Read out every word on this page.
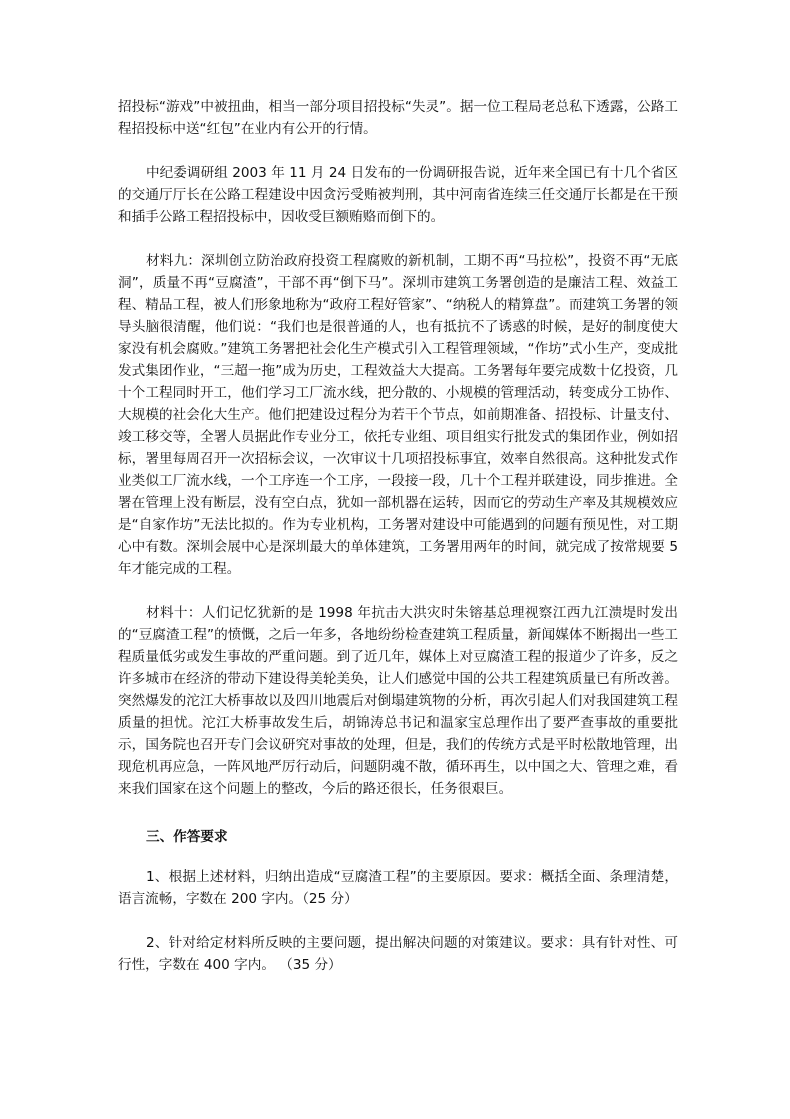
招投标“游戏”中被扭曲，相当一部分项目招投标“失灵”。据一位工程局老总私下透露，公路工程招投标中送“红包”在业内有公开的行情。

中纪委调研组 2003 年 11 月 24 日发布的一份调研报告说，近年来全国已有十几个省区的交通厅厅长在公路工程建设中因贪污受贿被判刑，其中河南省连续三任交通厅长都是在干预和插手公路工程招投标中，因收受巨额贿赂而倒下的。

材料九：深圳创立防治政府投资工程腐败的新机制，工期不再“马拉松”，投资不再“无底洞”，质量不再“豆腐渣”，干部不再“倒下马”。深圳市建筑工务署创造的是廉洁工程、效益工程、精品工程，被人们形象地称为“政府工程好管家”、“纳税人的精算盘”。而建筑工务署的领导头脑很清醒，他们说：“我们也是很普通的人，也有抵抗不了诱惑的时候，是好的制度使大家没有机会腐败。”建筑工务署把社会化生产模式引入工程管理领域，“作坊”式小生产，变成批发式集团作业，“三超一拖”成为历史，工程效益大大提高。工务署每年要完成数十亿投资，几十个工程同时开工，他们学习工厂流水线，把分散的、小规模的管理活动，转变成分工协作、大规模的社会化大生产。他们把建设过程分为若干个节点，如前期准备、招投标、计量支付、竣工移交等，全署人员据此作专业分工，依托专业组、项目组实行批发式的集团作业，例如招标，署里每周召开一次招标会议，一次审议十几项招投标事宜，效率自然很高。这种批发式作业类似工厂流水线，一个工序连一个工序，一段接一段，几十个工程并联建设，同步推进。全署在管理上没有断层，没有空白点，犹如一部机器在运转，因而它的劳动生产率及其规模效应是“自家作坊”无法比拟的。作为专业机构，工务署对建设中可能遇到的问题有预见性，对工期心中有数。深圳会展中心是深圳最大的单体建筑，工务署用两年的时间，就完成了按常规要 5 年才能完成的工程。

材料十：人们记忆犹新的是 1998 年抗击大洪灾时朱镕基总理视察江西九江溃堤时发出的“豆腐渣工程”的愤慨，之后一年多，各地纷纷检查建筑工程质量，新闻媒体不断揭出一些工程质量低劣或发生事故的严重问题。到了近几年，媒体上对豆腐渣工程的报道少了许多，反之许多城市在经济的带动下建设得美轮美奂，让人们感觉中国的公共工程建筑质量已有所改善。突然爆发的沱江大桥事故以及四川地震后对倒塌建筑物的分析，再次引起人们对我国建筑工程质量的担忧。沱江大桥事故发生后，胡锦涛总书记和温家宝总理作出了要严查事故的重要批示，国务院也召开专门会议研究对事故的处理，但是，我们的传统方式是平时松散地管理，出现危机再应急，一阵风地严厉行动后，问题阴魂不散，循环再生，以中国之大、管理之难，看来我们国家在这个问题上的整改，今后的路还很长，任务很艰巨。

三、作答要求

1、根据上述材料，归纳出造成“豆腐渣工程”的主要原因。要求：概括全面、条理清楚，语言流畅，字数在 200 字内。（25 分）

2、针对给定材料所反映的主要问题，提出解决问题的对策建议。要求：具有针对性、可行性，字数在 400 字内。 （35 分）
